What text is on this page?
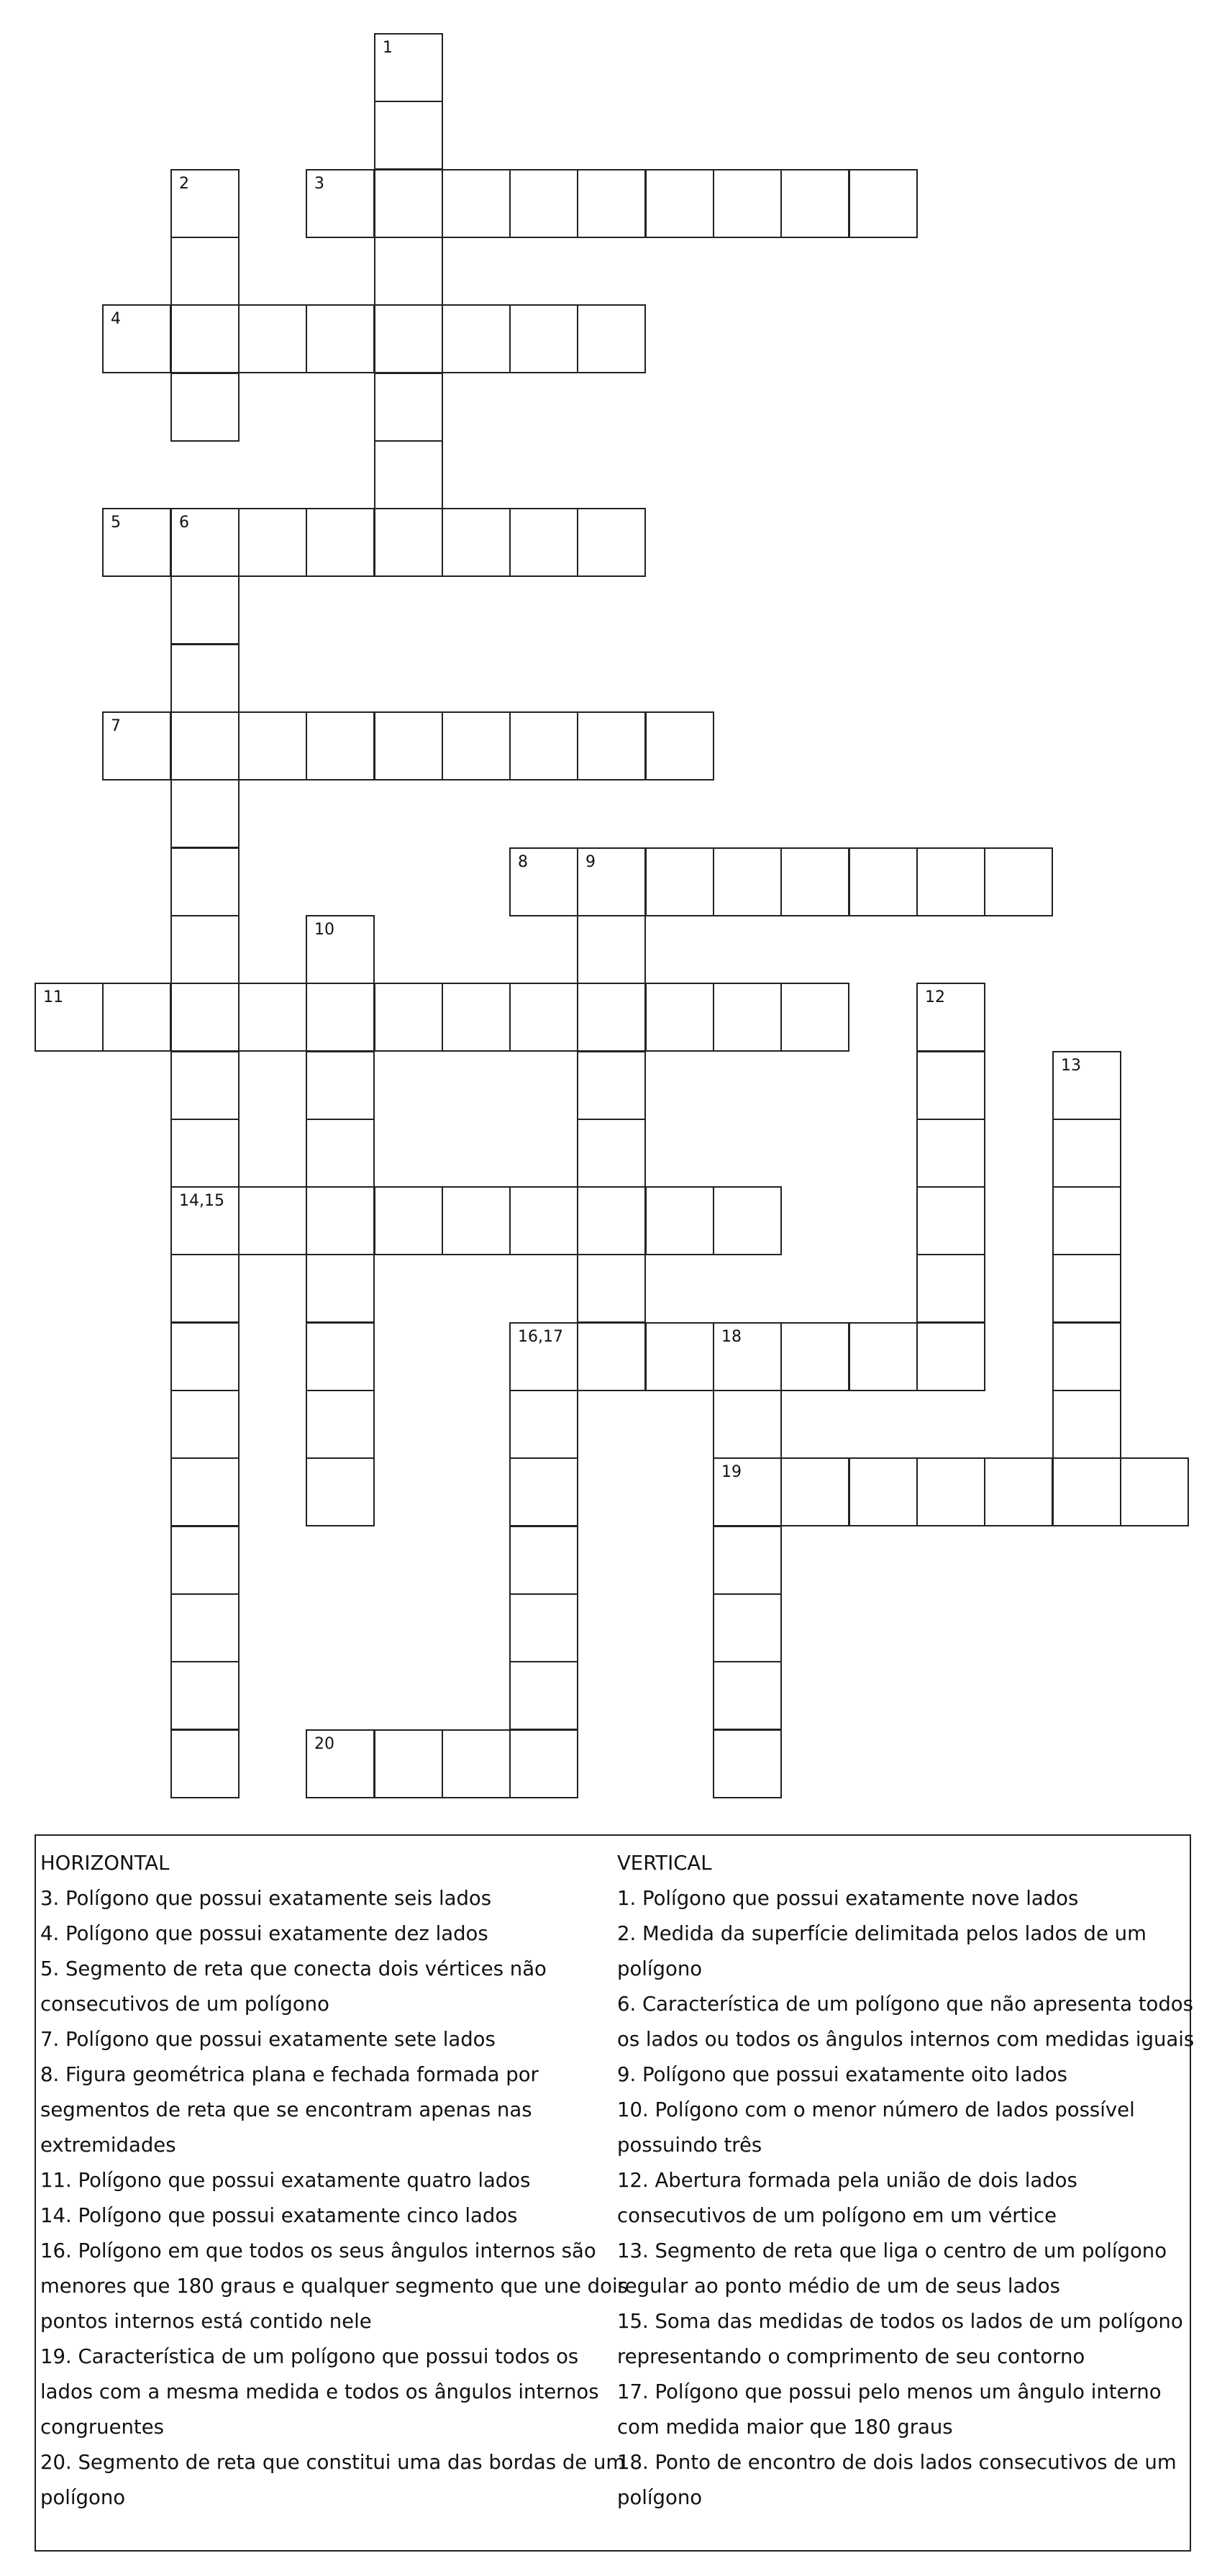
1
2	3
4
5	6
7
8	9
10
11	12
13
14,15
16,17	18
19
20
HORIZONTAL
3. Polígono que possui exatamente seis lados
4. Polígono que possui exatamente dez lados
5. Segmento de reta que conecta dois vértices não
consecutivos de um polígono
7. Polígono que possui exatamente sete lados
8. Figura geométrica plana e fechada formada por
segmentos de reta que se encontram apenas nas
extremidades
11. Polígono que possui exatamente quatro lados
14. Polígono que possui exatamente cinco lados
16. Polígono em que todos os seus ângulos internos são
menores que 180 graus e qualquer segmento que une dois
pontos internos está contido nele
19. Característica de um polígono que possui todos os
lados com a mesma medida e todos os ângulos internos
congruentes
20. Segmento de reta que constitui uma das bordas de um
polígono
VERTICAL
1. Polígono que possui exatamente nove lados
2. Medida da superfície delimitada pelos lados de um
polígono
6. Característica de um polígono que não apresenta todos
os lados ou todos os ângulos internos com medidas iguais
9. Polígono que possui exatamente oito lados
10. Polígono com o menor número de lados possível
possuindo três
12. Abertura formada pela união de dois lados
consecutivos de um polígono em um vértice
13. Segmento de reta que liga o centro de um polígono
regular ao ponto médio de um de seus lados
15. Soma das medidas de todos os lados de um polígono
representando o comprimento de seu contorno
17. Polígono que possui pelo menos um ângulo interno
com medida maior que 180 graus
18. Ponto de encontro de dois lados consecutivos de um
polígono
